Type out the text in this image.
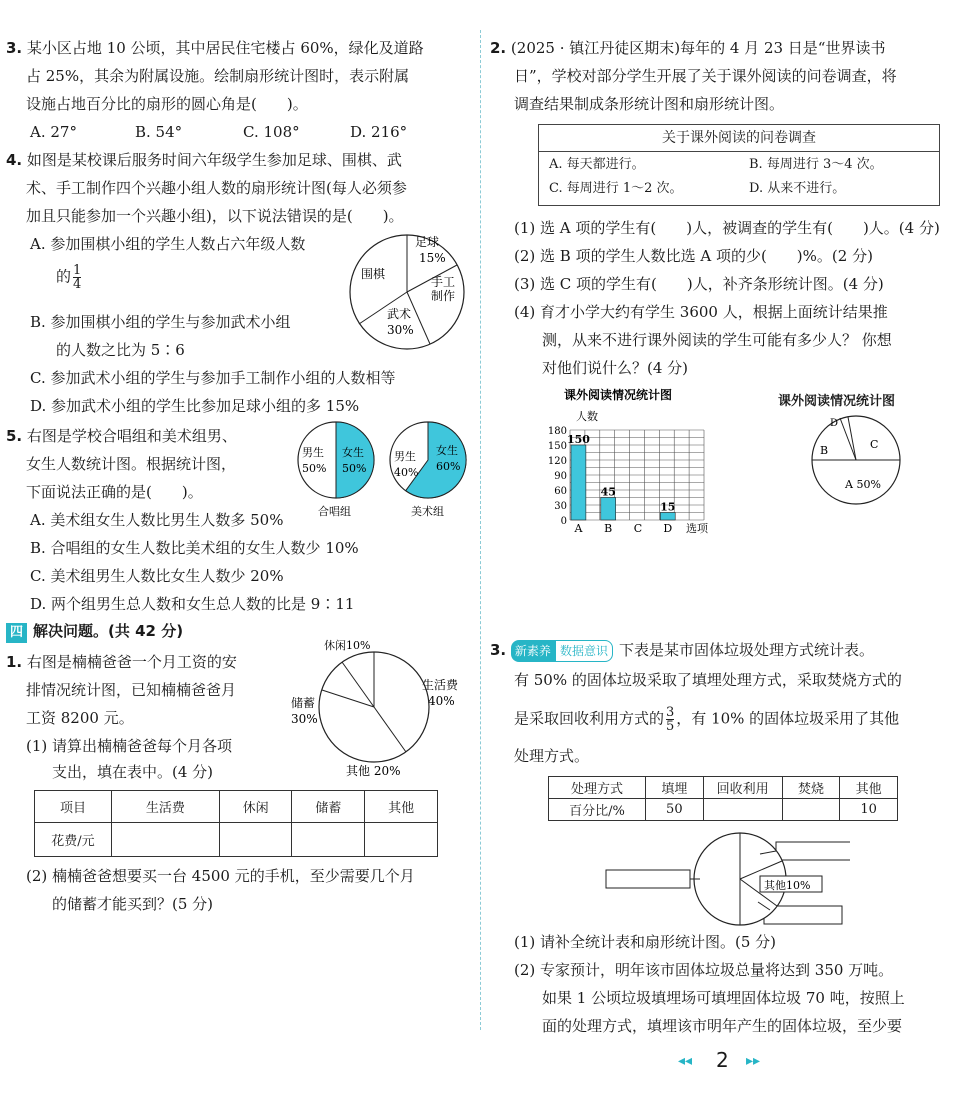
3. 某小区占地 10 公顷，其中居民住宅楼占 60%，绿化及道路
占 25%，其余为附属设施。绘制扇形统计图时，表示附属
设施占地百分比的扇形的圆心角是(　　)。
A. 27°	B. 54°	C. 108°	D. 216°
4. 如图是某校课后服务时间六年级学生参加足球、围棋、武
术、手工制作四个兴趣小组人数的扇形统计图(每人必须参
加且只能参加一个兴趣小组)，以下说法错误的是(　　)。
A. 参加围棋小组的学生人数占六年级人数
的 $\frac{1}{4}$
B. 参加围棋小组的学生与参加武术小组
的人数之比为 5∶6
C. 参加武术小组的学生与参加手工制作小组的人数相等
D. 参加武术小组的学生比参加足球小组的多 15%
足球
15%
围棋
手工
制作
武术
30%
5. 右图是学校合唱组和美术组男、
女生人数统计图。根据统计图，
下面说法正确的是(　　)。
A. 美术组女生人数比男生人数多 50%
B. 合唱组的女生人数比美术组的女生人数少 10%
C. 美术组男生人数比女生人数少 20%
D. 两个组男生总人数和女生总人数的比是 9∶11
男生
50%
女生
50%
合唱组
男生
40%
女生
60%
美术组
四 解决问题。(共 42 分)
1. 右图是楠楠爸爸一个月工资的安
排情况统计图，已知楠楠爸爸月
工资 8200 元。
(1) 请算出楠楠爸爸每个月各项
支出，填在表中。(4 分)
休闲10%
生活费
40%
储蓄
30%
其他 20%
项目	生活费	休闲	储蓄	其他
花费/元				
(2) 楠楠爸爸想要买一台 4500 元的手机，至少需要几个月
的储蓄才能买到？(5 分)
2. (2025 · 镇江丹徒区期末)每年的 4 月 23 日是“世界读书
日”，学校对部分学生开展了关于课外阅读的问卷调查，将
调查结果制成条形统计图和扇形统计图。
关于课外阅读的问卷调查
A. 每天都进行。	B. 每周进行 3～4 次。
C. 每周进行 1～2 次。	D. 从来不进行。
(1) 选 A 项的学生有(　　)人，被调查的学生有(　　)人。(4 分)
(2) 选 B 项的学生人数比选 A 项的少(　　)%。(2 分)
(3) 选 C 项的学生有(　　)人，补齐条形统计图。(4 分)
(4) 育才小学大约有学生 3600 人，根据上面统计结果推
测，从来不进行课外阅读的学生可能有多少人？ 你想
对他们说什么？(4 分)
课外阅读情况统计图
人数
选项
0
30
60
90
120
150
180
150
A
45
B C
15
D
课外阅读情况统计图
A 50%
B	C
D
3. 新素养 数据意识 下表是某市固体垃圾处理方式统计表。
有 50% 的固体垃圾采取了填埋处理方式，采取焚烧方式的
是采取回收利用方式的 $\frac{3}{5}$ ，有 10% 的固体垃圾采用了其他
处理方式。
处理方式	填埋	回收利用	焚烧	其他
百分比/%	50			10
其他10%
(1) 请补全统计表和扇形统计图。(5 分)
(2) 专家预计，明年该市固体垃圾总量将达到 350 万吨。
如果 1 公顷垃圾填埋场可填埋固体垃圾 70 吨，按照上
面的处理方式，填埋该市明年产生的固体垃圾，至少要
◂◂ 2 ▸▸
